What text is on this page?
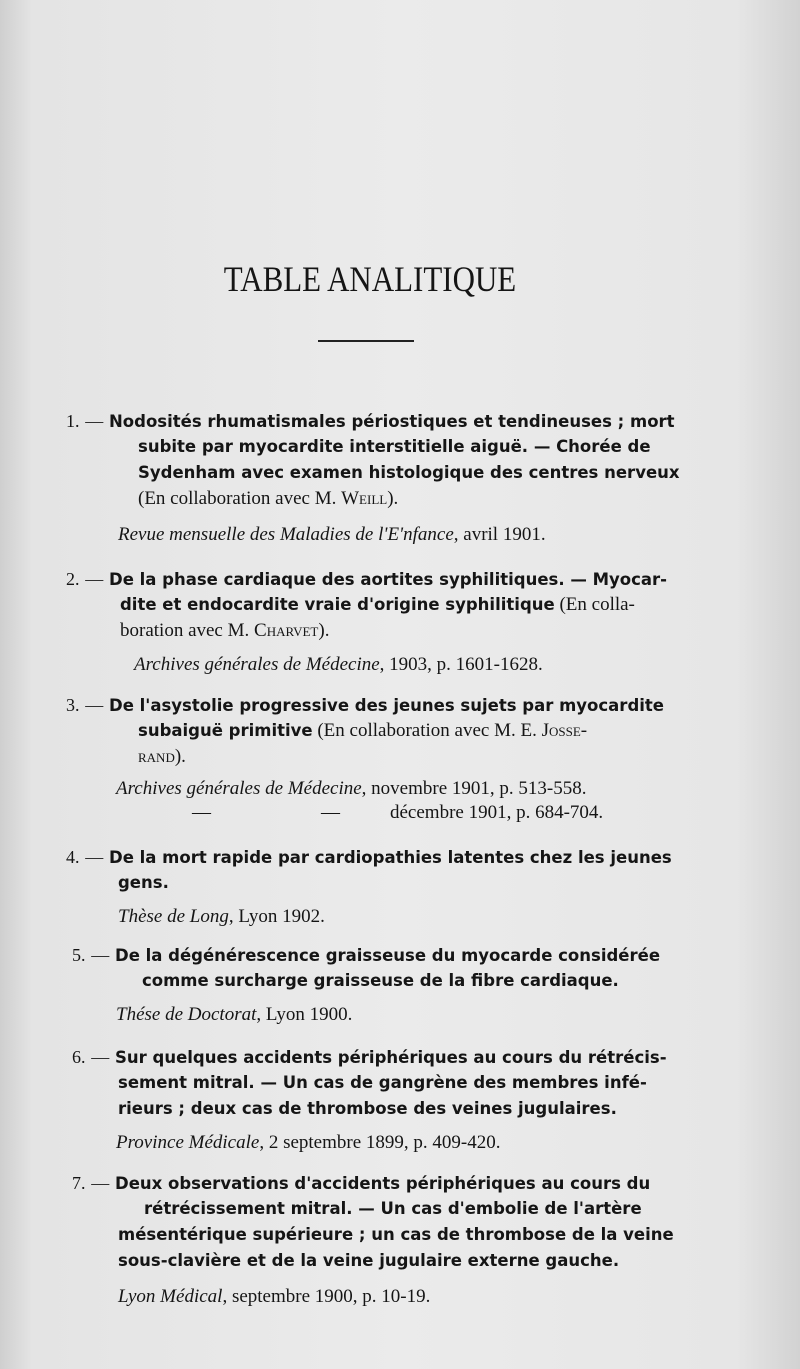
TABLE ANALITIQUE
1. — Nodosités rhumatismales périostiques et tendineuses ; mort
subite par myocardite interstitielle aiguë. — Chorée de
Sydenham avec examen histologique des centres nerveux
(En collaboration avec M. Weill).
Revue mensuelle des Maladies de l'E'nfance, avril 1901.
2. — De la phase cardiaque des aortites syphilitiques. — Myocar-
dite et endocardite vraie d'origine syphilitique (En colla-
boration avec M. Charvet).
Archives générales de Médecine, 1903, p. 1601-1628.
3. — De l'asystolie progressive des jeunes sujets par myocardite
subaiguë primitive (En collaboration avec M. E. Josse-
rand).
Archives générales de Médecine, novembre 1901, p. 513-558.
—	—	décembre 1901, p. 684-704.
4. — De la mort rapide par cardiopathies latentes chez les jeunes
gens.
Thèse de Long, Lyon 1902.
5. — De la dégénérescence graisseuse du myocarde considérée
comme surcharge graisseuse de la fibre cardiaque.
Thése de Doctorat, Lyon 1900.
6. — Sur quelques accidents périphériques au cours du rétrécis-
sement mitral. — Un cas de gangrène des membres infé-
rieurs ; deux cas de thrombose des veines jugulaires.
Province Médicale, 2 septembre 1899, p. 409-420.
7. — Deux observations d'accidents périphériques au cours du
rétrécissement mitral. — Un cas d'embolie de l'artère
mésentérique supérieure ; un cas de thrombose de la veine
sous-clavière et de la veine jugulaire externe gauche.
Lyon Médical, septembre 1900, p. 10-19.
